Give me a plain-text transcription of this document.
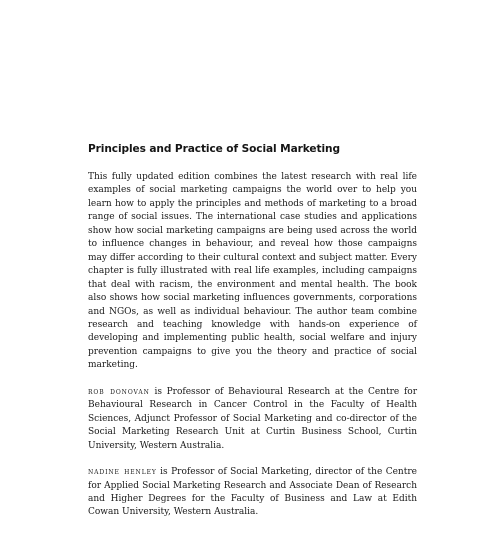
Principles and Practice of Social Marketing

This fully updated edition combines the latest research with real life examples of social marketing campaigns the world over to help you learn how to apply the principles and methods of marketing to a broad range of social issues. The international case studies and applications show how social marketing campaigns are being used across the world to influence changes in behaviour, and reveal how those campaigns may differ according to their cultural context and subject matter. Every chapter is fully illustrated with real life examples, including campaigns that deal with racism, the environment and mental health. The book also shows how social marketing influences governments, corporations and NGOs, as well as individual behaviour. The author team combine research and teaching knowledge with hands-on experience of developing and implementing public health, social welfare and injury prevention campaigns to give you the theory and practice of social marketing.

rob donovan is Professor of Behavioural Research at the Centre for Behavioural Research in Cancer Control in the Faculty of Health Sciences, Adjunct Professor of Social Marketing and co-director of the Social Marketing Research Unit at Curtin Business School, Curtin University, Western Australia.

nadine henley is Professor of Social Marketing, director of the Centre for Applied Social Marketing Research and Associate Dean of Research and Higher Degrees for the Faculty of Business and Law at Edith Cowan University, Western Australia.
